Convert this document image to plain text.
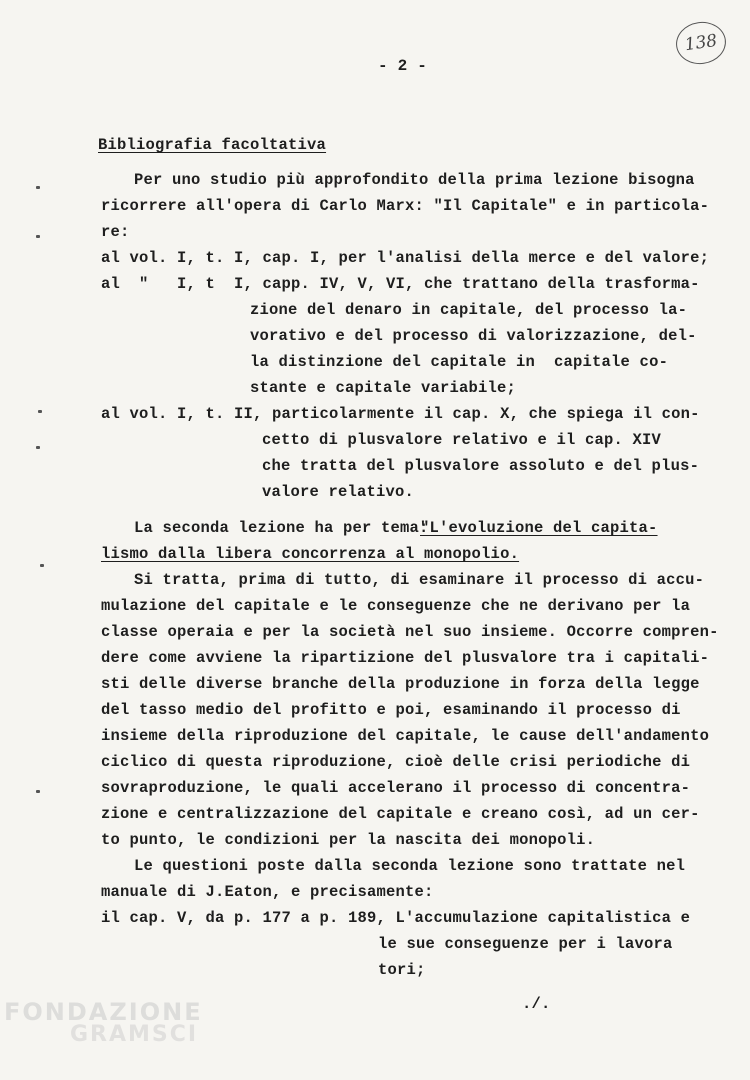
- 2 -
138
Bibliografia facoltativa
Per uno studio più approfondito della prima lezione bisogna
ricorrere all'opera di Carlo Marx: "Il Capitale" e in particola-
re:
al vol. I, t. I, cap. I, per l'analisi della merce e del valore;
al  "   I, t  I, capp. IV, V, VI, che trattano della trasforma-
zione del denaro in capitale, del processo la-
vorativo e del processo di valorizzazione, del-
la distinzione del capitale in  capitale co-
stante e capitale variabile;
al vol. I, t. II, particolarmente il cap. X, che spiega il con-
cetto di plusvalore relativo e il cap. XIV
che tratta del plusvalore assoluto e del plus-
valore relativo.
La seconda lezione ha per tema:
"L'evoluzione del capita-
lismo dalla libera concorrenza al monopolio.
Si tratta, prima di tutto, di esaminare il processo di accu-
mulazione del capitale e le conseguenze che ne derivano per la
classe operaia e per la società nel suo insieme. Occorre compren-
dere come avviene la ripartizione del plusvalore tra i capitali-
sti delle diverse branche della produzione in forza della legge
del tasso medio del profitto e poi, esaminando il processo di
insieme della riproduzione del capitale, le cause dell'andamento
ciclico di questa riproduzione, cioè delle crisi periodiche di
sovraproduzione, le quali accelerano il processo di concentra-
zione e centralizzazione del capitale e creano così, ad un cer-
to punto, le condizioni per la nascita dei monopoli.
Le questioni poste dalla seconda lezione sono trattate nel
manuale di J.Eaton, e precisamente:
il cap. V, da p. 177 a p. 189, L'accumulazione capitalistica e
le sue conseguenze per i lavora
tori;
./.
FONDAZIONE
GRAMSCI
